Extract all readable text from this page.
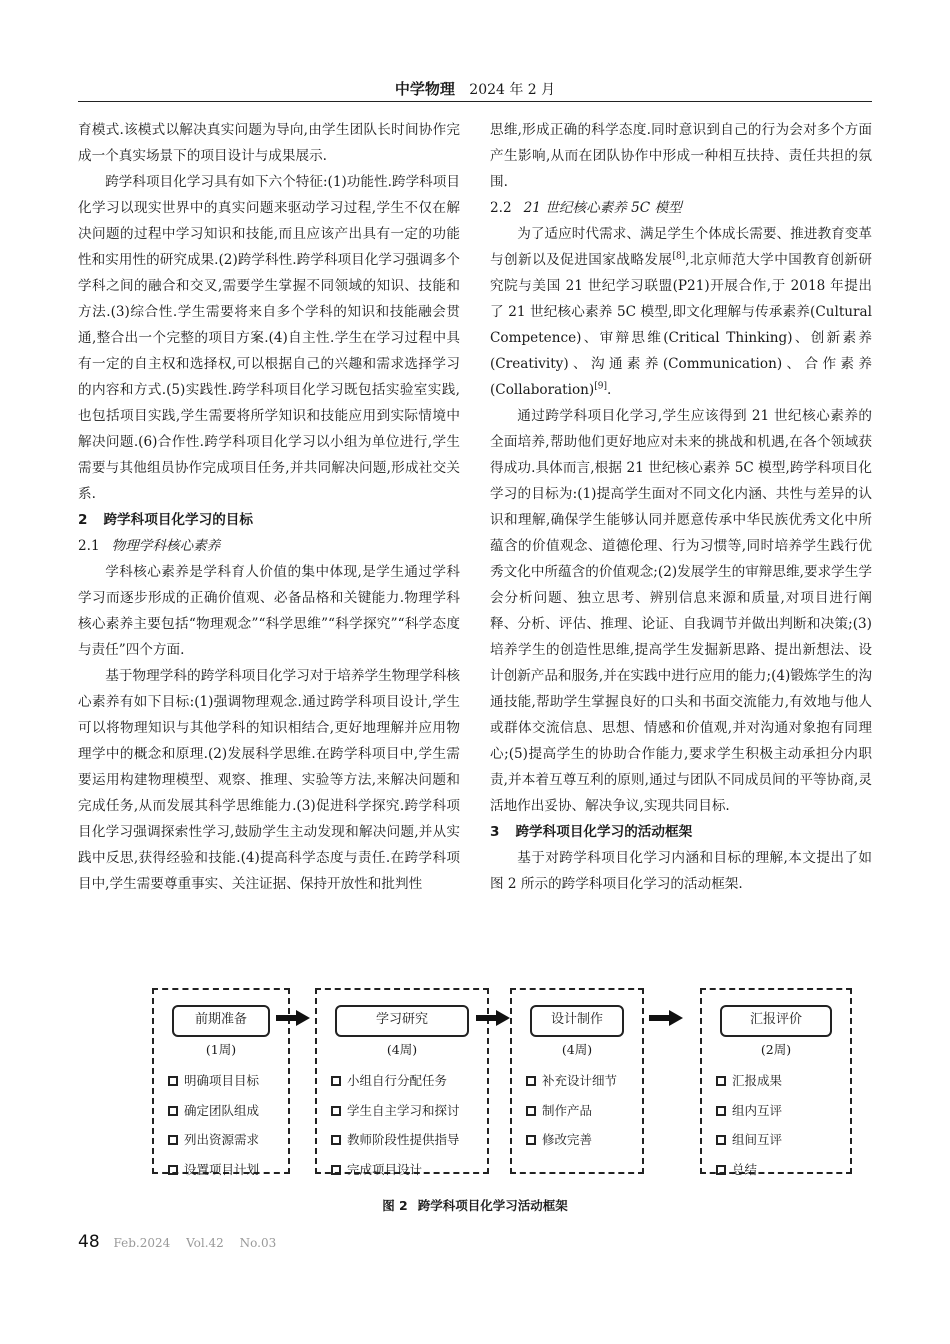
中学物理 2024 年 2 月

育模式.该模式以解决真实问题为导向,由学生团队长时间协作完成一个真实场景下的项目设计与成果展示.

跨学科项目化学习具有如下六个特征:(1)功能性.跨学科项目化学习以现实世界中的真实问题来驱动学习过程,学生不仅在解决问题的过程中学习知识和技能,而且应该产出具有一定的功能性和实用性的研究成果.(2)跨学科性.跨学科项目化学习强调多个学科之间的融合和交叉,需要学生掌握不同领域的知识、技能和方法.(3)综合性.学生需要将来自多个学科的知识和技能融会贯通,整合出一个完整的项目方案.(4)自主性.学生在学习过程中具有一定的自主权和选择权,可以根据自己的兴趣和需求选择学习的内容和方式.(5)实践性.跨学科项目化学习既包括实验室实践,也包括项目实践,学生需要将所学知识和技能应用到实际情境中解决问题.(6)合作性.跨学科项目化学习以小组为单位进行,学生需要与其他组员协作完成项目任务,并共同解决问题,形成社交关系.

2 跨学科项目化学习的目标

2.1 物理学科核心素养

学科核心素养是学科育人价值的集中体现,是学生通过学科学习而逐步形成的正确价值观、必备品格和关键能力.物理学科核心素养主要包括“物理观念”“科学思维”“科学探究”“科学态度与责任”四个方面.

基于物理学科的跨学科项目化学习对于培养学生物理学科核心素养有如下目标:(1)强调物理观念.通过跨学科项目设计,学生可以将物理知识与其他学科的知识相结合,更好地理解并应用物理学中的概念和原理.(2)发展科学思维.在跨学科项目中,学生需要运用构建物理模型、观察、推理、实验等方法,来解决问题和完成任务,从而发展其科学思维能力.(3)促进科学探究.跨学科项目化学习强调探索性学习,鼓励学生主动发现和解决问题,并从实践中反思,获得经验和技能.(4)提高科学态度与责任.在跨学科项目中,学生需要尊重事实、关注证据、保持开放性和批判性

思维,形成正确的科学态度.同时意识到自己的行为会对多个方面产生影响,从而在团队协作中形成一种相互扶持、责任共担的氛围.

2.2 21 世纪核心素养 5C 模型

为了适应时代需求、满足学生个体成长需要、推进教育变革与创新以及促进国家战略发展[8],北京师范大学中国教育创新研究院与美国 21 世纪学习联盟(P21)开展合作,于 2018 年提出了 21 世纪核心素养 5C 模型,即文化理解与传承素养(Cultural Competence)、审辩思维(Critical Thinking)、创新素养(Creativity)、沟通素养(Communication)、合作素养(Collaboration)[9].

通过跨学科项目化学习,学生应该得到 21 世纪核心素养的全面培养,帮助他们更好地应对未来的挑战和机遇,在各个领域获得成功.具体而言,根据 21 世纪核心素养 5C 模型,跨学科项目化学习的目标为:(1)提高学生面对不同文化内涵、共性与差异的认识和理解,确保学生能够认同并愿意传承中华民族优秀文化中所蕴含的价值观念、道德伦理、行为习惯等,同时培养学生践行优秀文化中所蕴含的价值观念;(2)发展学生的审辩思维,要求学生学会分析问题、独立思考、辨别信息来源和质量,对项目进行阐释、分析、评估、推理、论证、自我调节并做出判断和决策;(3)培养学生的创造性思维,提高学生发掘新思路、提出新想法、设计创新产品和服务,并在实践中进行应用的能力;(4)锻炼学生的沟通技能,帮助学生掌握良好的口头和书面交流能力,有效地与他人或群体交流信息、思想、情感和价值观,并对沟通对象抱有同理心;(5)提高学生的协助合作能力,要求学生积极主动承担分内职责,并本着互尊互利的原则,通过与团队不同成员间的平等协商,灵活地作出妥协、解决争议,实现共同目标.

3 跨学科项目化学习的活动框架

基于对跨学科项目化学习内涵和目标的理解,本文提出了如图 2 所示的跨学科项目化学习的活动框架.

前期准备
(1周)
明确项目目标
确定团队组成
列出资源需求
设置项目计划
学习研究
(4周)
小组自行分配任务
学生自主学习和探讨
教师阶段性提供指导
完成项目设计
设计制作
(4周)
补充设计细节
制作产品
修改完善
汇报评价
(2周)
汇报成果
组内互评
组间互评
总结
图 2 跨学科项目化学习活动框架
48 Feb.2024 Vol.42 No.03
